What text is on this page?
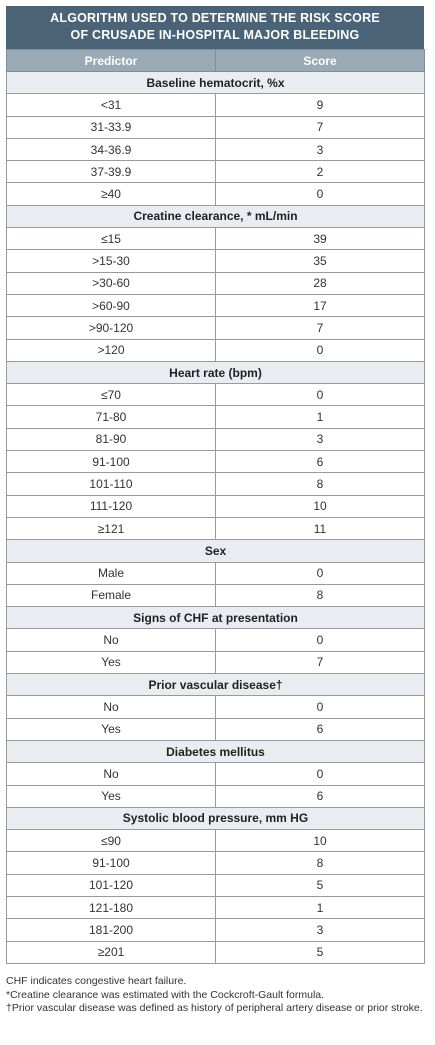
ALGORITHM USED TO DETERMINE THE RISK SCORE
OF CRUSADE IN-HOSPITAL MAJOR BLEEDING
Predictor	Score
Baseline hematocrit, %x	
<31	9
31-33.9	7
34-36.9	3
37-39.9	2
≥40	0
Creatine clearance, * mL/min	
≤15	39
>15-30	35
>30-60	28
>60-90	17
>90-120	7
>120	0
Heart rate (bpm)	
≤70	0
71-80	1
81-90	3
91-100	6
101-110	8
111-120	10
≥121	11
Sex	
Male	0
Female	8
Signs of CHF at presentation	
No	0
Yes	7
Prior vascular disease†	
No	0
Yes	6
Diabetes mellitus	
No	0
Yes	6
Systolic blood pressure, mm HG	
≤90	10
91-100	8
101-120	5
121-180	1
181-200	3
≥201	5
CHF indicates congestive heart failure.
*Creatine clearance was estimated with the Cockcroft-Gault formula.
†Prior vascular disease was defined as history of peripheral artery disease or prior stroke.
